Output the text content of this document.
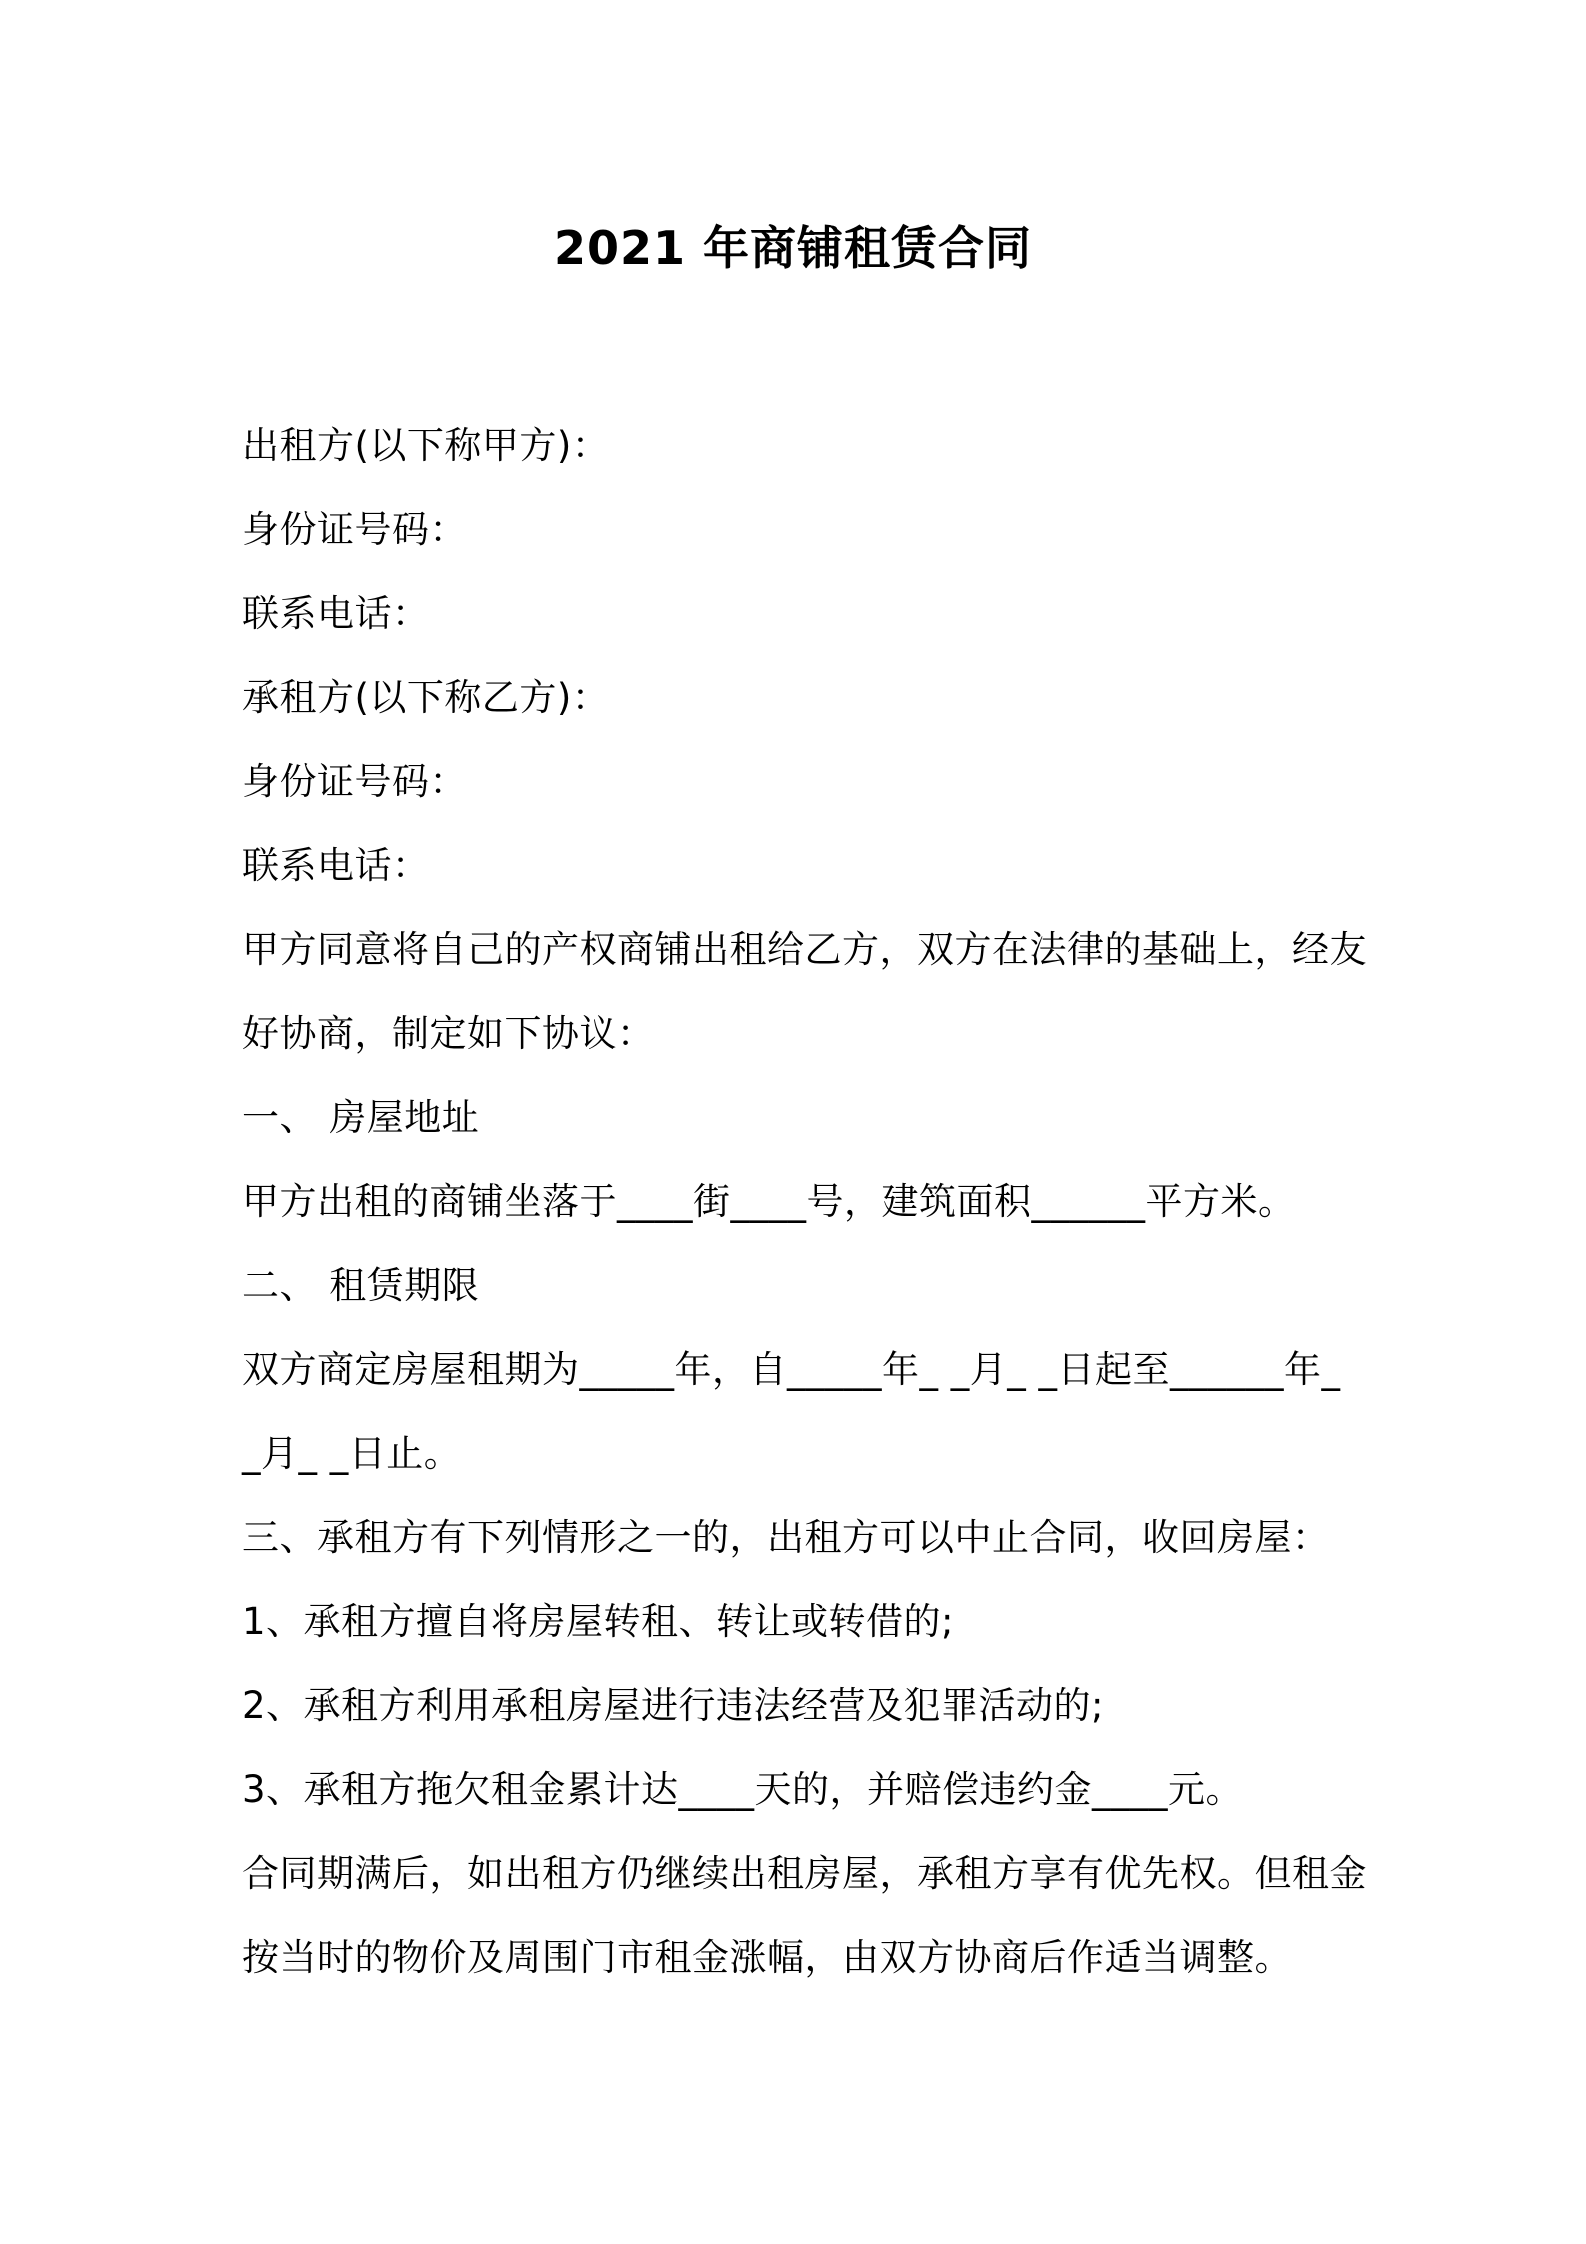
2021 年商铺租赁合同
出租方(以下称甲方)：
身份证号码：
联系电话：
承租方(以下称乙方)：
身份证号码：
联系电话：
甲方同意将自己的产权商铺出租给乙方，双方在法律的基础上，经友
好协商，制定如下协议：
一、 房屋地址
甲方出租的商铺坐落于____街____号，建筑面积______平方米。
二、 租赁期限
双方商定房屋租期为_____年，自_____年_ _月_ _日起至______年_
_月_ _日止。
三、承租方有下列情形之一的，出租方可以中止合同，收回房屋：
1、承租方擅自将房屋转租、转让或转借的;
2、承租方利用承租房屋进行违法经营及犯罪活动的;
3、承租方拖欠租金累计达____天的，并赔偿违约金____元。
合同期满后，如出租方仍继续出租房屋，承租方享有优先权。但租金
按当时的物价及周围门市租金涨幅，由双方协商后作适当调整。
